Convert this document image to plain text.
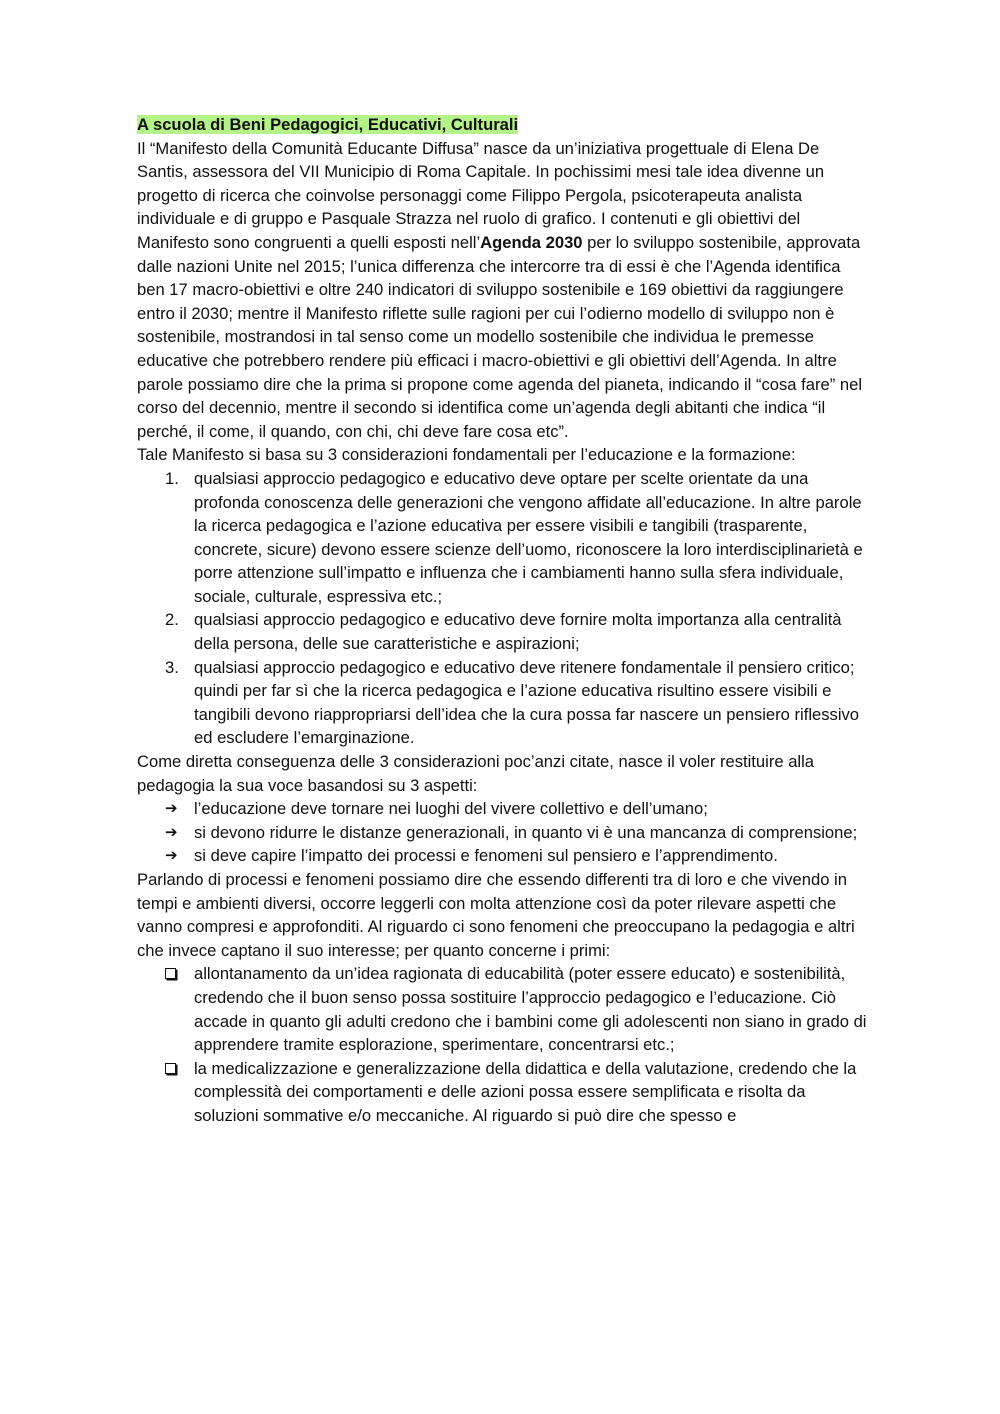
A scuola di Beni Pedagogici, Educativi, Culturali

Il “Manifesto della Comunità Educante Diffusa” nasce da un’iniziativa progettuale di Elena De Santis, assessora del VII Municipio di Roma Capitale. In pochissimi mesi tale idea divenne un progetto di ricerca che coinvolse personaggi come Filippo Pergola, psicoterapeuta analista individuale e di gruppo e Pasquale Strazza nel ruolo di grafico. I contenuti e gli obiettivi del Manifesto sono congruenti a quelli esposti nell’Agenda 2030 per lo sviluppo sostenibile, approvata dalle nazioni Unite nel 2015; l’unica differenza che intercorre tra di essi è che l’Agenda identifica ben 17 macro-obiettivi e oltre 240 indicatori di sviluppo sostenibile e 169 obiettivi da raggiungere entro il 2030; mentre il Manifesto riflette sulle ragioni per cui l’odierno modello di sviluppo non è sostenibile, mostrandosi in tal senso come un modello sostenibile che individua le premesse educative che potrebbero rendere più efficaci i macro-obiettivi e gli obiettivi dell’Agenda. In altre parole possiamo dire che la prima si propone come agenda del pianeta, indicando il “cosa fare” nel corso del decennio, mentre il secondo si identifica come un’agenda degli abitanti che indica “il perché, il come, il quando, con chi, chi deve fare cosa etc”.

Tale Manifesto si basa su 3 considerazioni fondamentali per l’educazione e la formazione:

1. qualsiasi approccio pedagogico e educativo deve optare per scelte orientate da una profonda conoscenza delle generazioni che vengono affidate all’educazione. In altre parole la ricerca pedagogica e l’azione educativa per essere visibili e tangibili (trasparente, concrete, sicure) devono essere scienze dell’uomo, riconoscere la loro interdisciplinarietà e porre attenzione sull’impatto e influenza che i cambiamenti hanno sulla sfera individuale, sociale, culturale, espressiva etc.;
2. qualsiasi approccio pedagogico e educativo deve fornire molta importanza alla centralità della persona, delle sue caratteristiche e aspirazioni;
3. qualsiasi approccio pedagogico e educativo deve ritenere fondamentale il pensiero critico; quindi per far sì che la ricerca pedagogica e l’azione educativa risultino essere visibili e tangibili devono riappropriarsi dell’idea che la cura possa far nascere un pensiero riflessivo ed escludere l’emarginazione.

Come diretta conseguenza delle 3 considerazioni poc’anzi citate, nasce il voler restituire alla pedagogia la sua voce basandosi su 3 aspetti:

➔ l’educazione deve tornare nei luoghi del vivere collettivo e dell’umano;
➔ si devono ridurre le distanze generazionali, in quanto vi è una mancanza di comprensione;
➔ si deve capire l’impatto dei processi e fenomeni sul pensiero e l’apprendimento.

Parlando di processi e fenomeni possiamo dire che essendo differenti tra di loro e che vivendo in tempi e ambienti diversi, occorre leggerli con molta attenzione così da poter rilevare aspetti che vanno compresi e approfonditi. Al riguardo ci sono fenomeni che preoccupano la pedagogia e altri che invece captano il suo interesse; per quanto concerne i primi:

allontanamento da un’idea ragionata di educabilità (poter essere educato) e sostenibilità, credendo che il buon senso possa sostituire l’approccio pedagogico e l’educazione. Ciò accade in quanto gli adulti credono che i bambini come gli adolescenti non siano in grado di apprendere tramite esplorazione, sperimentare, concentrarsi etc.;
la medicalizzazione e generalizzazione della didattica e della valutazione, credendo che la complessità dei comportamenti e delle azioni possa essere semplificata e risolta da soluzioni sommative e/o meccaniche. Al riguardo si può dire che spesso e
